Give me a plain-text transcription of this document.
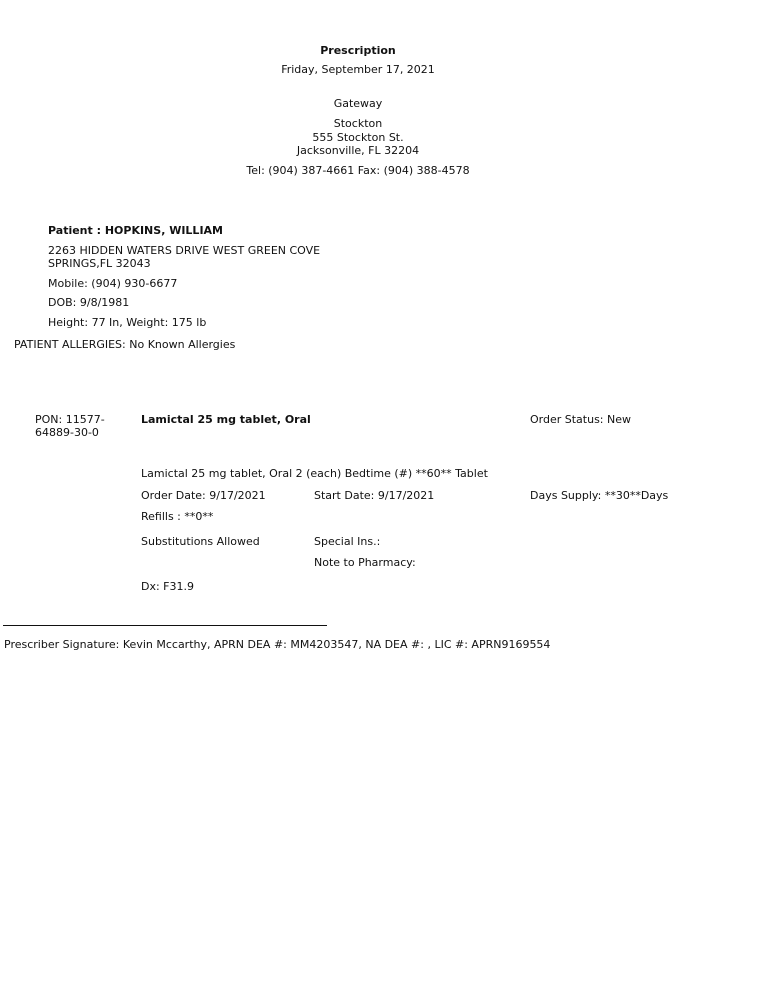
Prescription
Friday, September 17, 2021
Gateway
Stockton
555 Stockton St.
Jacksonville, FL 32204
Tel: (904) 387-4661 Fax: (904) 388-4578
Patient : HOPKINS, WILLIAM
2263 HIDDEN WATERS DRIVE WEST GREEN COVE
SPRINGS,FL 32043
Mobile: (904) 930-6677
DOB: 9/8/1981
Height: 77 In, Weight: 175 lb
PATIENT ALLERGIES: No Known Allergies
PON: 11577-
64889-30-0
Lamictal 25 mg tablet, Oral	Order Status: New
Lamictal 25 mg tablet, Oral 2 (each) Bedtime (#) **60** Tablet
Order Date: 9/17/2021	Start Date: 9/17/2021	Days Supply: **30**Days
Refills : **0**
Substitutions Allowed	Special Ins.:
Note to Pharmacy:
Dx: F31.9
Prescriber Signature: Kevin Mccarthy, APRN DEA #: MM4203547, NA DEA #: , LIC #: APRN9169554
